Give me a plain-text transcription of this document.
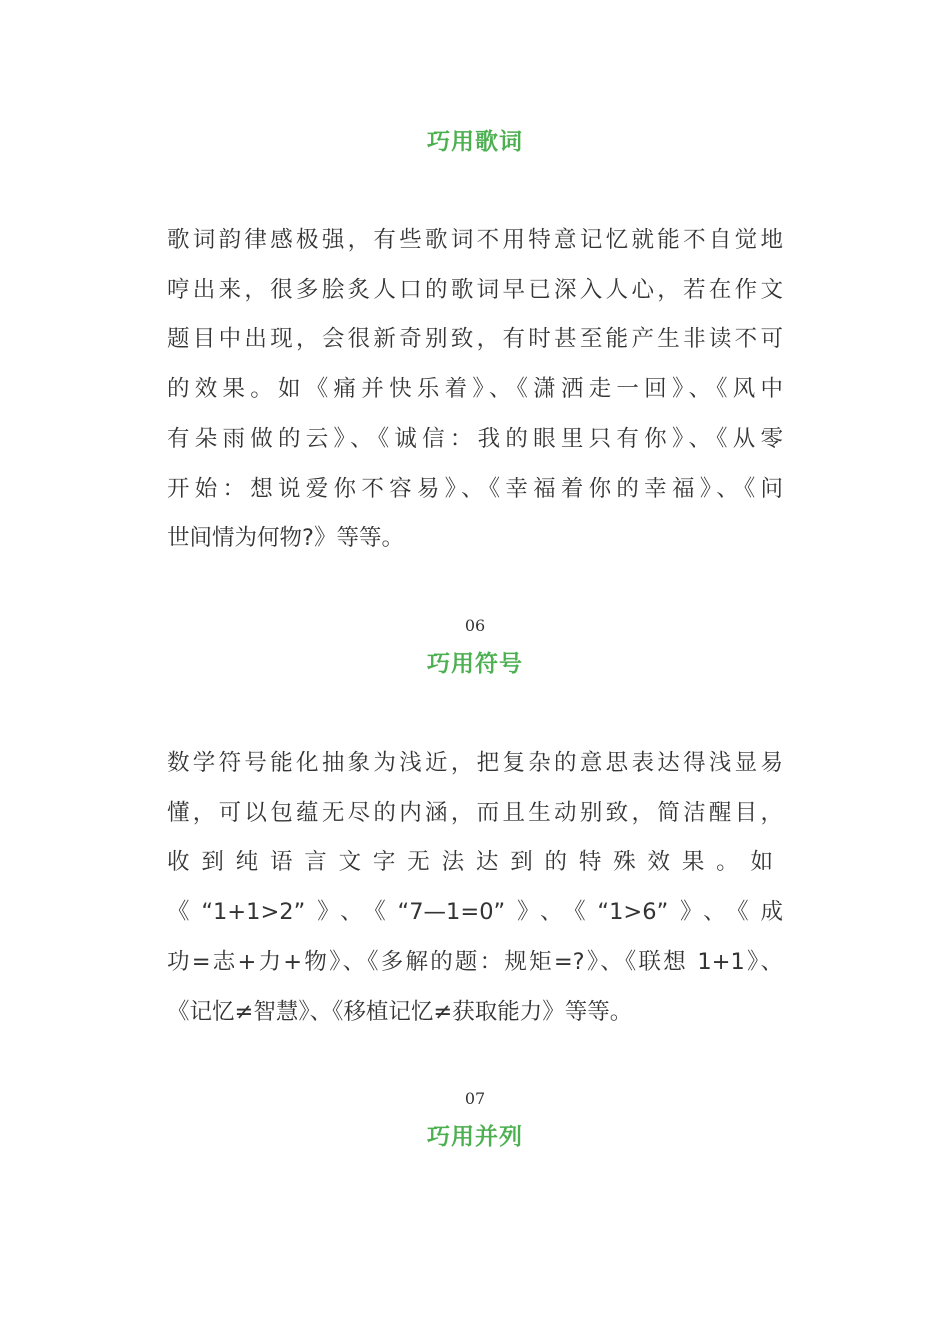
巧用歌词
歌词韵律感极强，有些歌词不用特意记忆就能不自觉地
哼出来，很多脍炙人口的歌词早已深入人心，若在作文
题目中出现，会很新奇别致，有时甚至能产生非读不可
的效果。如《痛并快乐着》、《潇洒走一回》、《风中
有朵雨做的云》、《诚信：我的眼里只有你》、《从零
开始：想说爱你不容易》、《幸福着你的幸福》、《问
世间情为何物?》等等。
06
巧用符号
数学符号能化抽象为浅近，把复杂的意思表达得浅显易
懂，可以包蕴无尽的内涵，而且生动别致，简洁醒目，
收到纯语言文字无法达到的特殊效果。如
《“1+1>2”》、《“7—1=0”》、《“1>6”》、《成
功=志+力+物》、《多解的题：规矩=?》、《联想 1+1》、
《记忆≠智慧》、《移植记忆≠获取能力》等等。
07
巧用并列
